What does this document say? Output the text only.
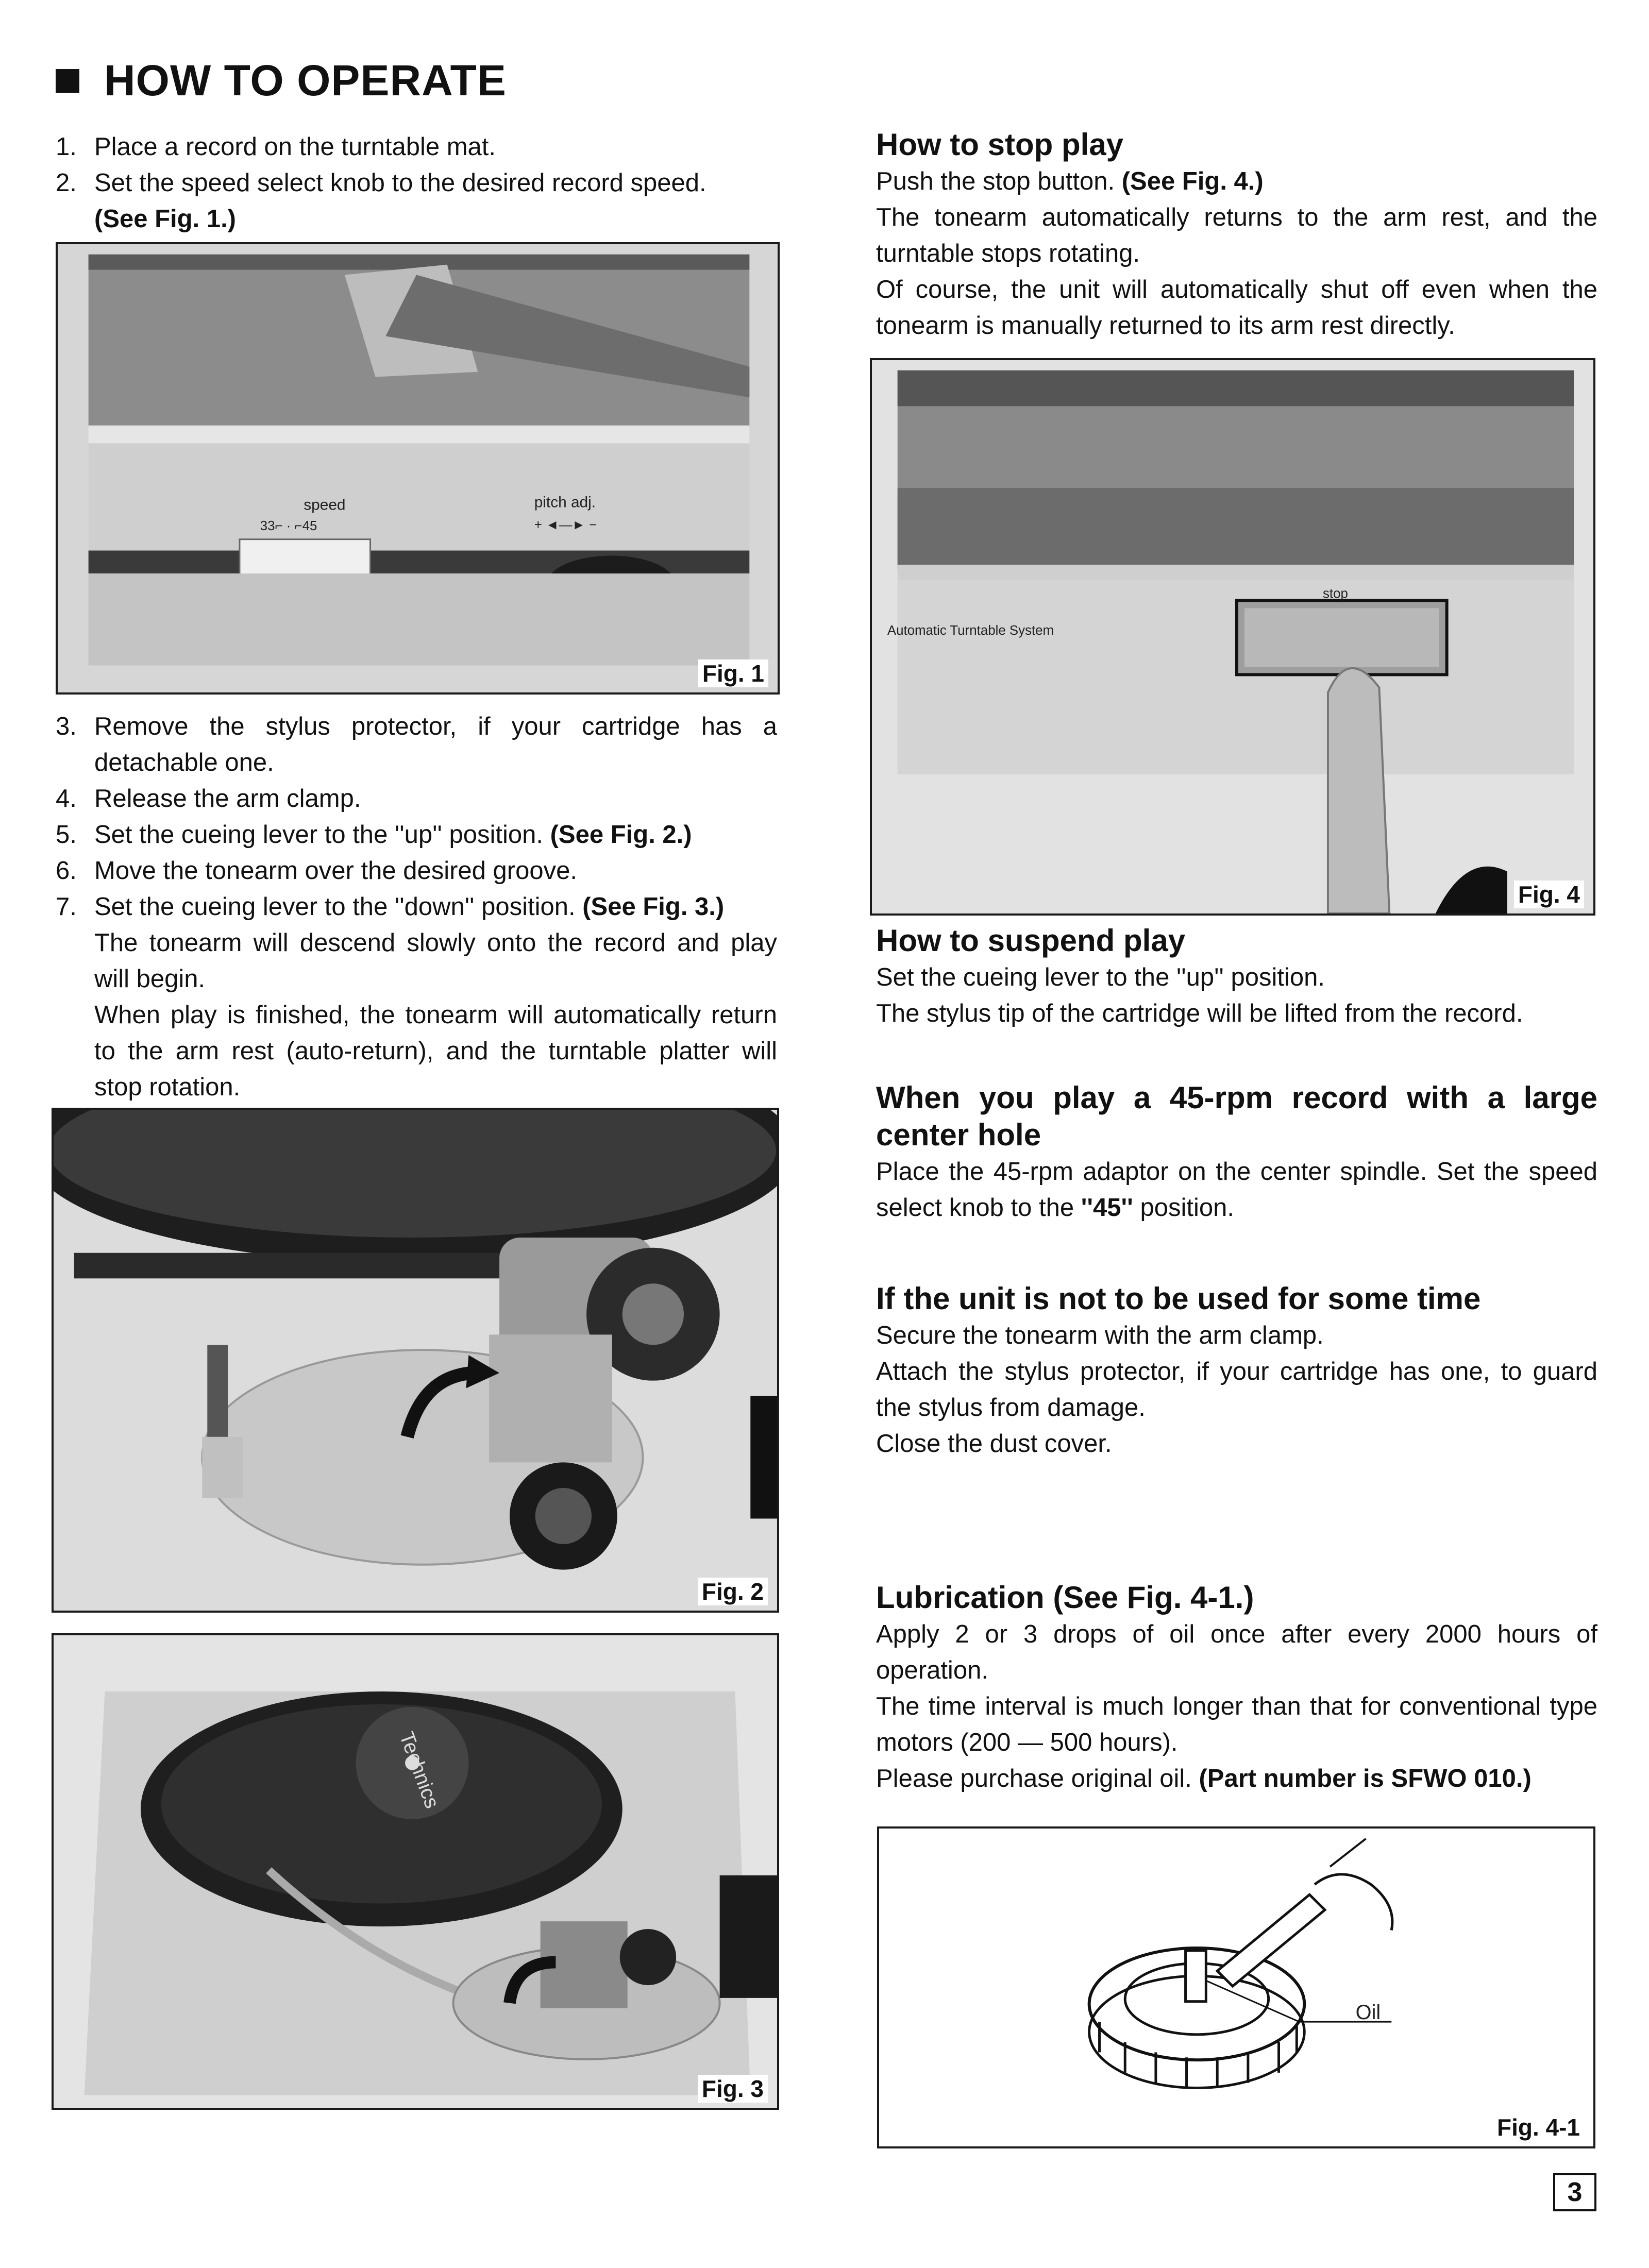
HOW TO OPERATE
1. Place a record on the turntable mat.
2. Set the speed select knob to the desired record speed.
(See Fig. 1.)
speed
33⌐ · ⌐45
pitch adj.
+ ◄—► −
Fig. 1
3. Remove the stylus protector, if your cartridge has a detachable one.
4. Release the arm clamp.
5. Set the cueing lever to the ''up'' position. (See Fig. 2.)
6. Move the tonearm over the desired groove.
7. Set the cueing lever to the ''down'' position. (See Fig. 3.)
The tonearm will descend slowly onto the record and play will begin.
When play is finished, the tonearm will automatically return to the arm rest (auto-return), and the turntable platter will stop rotation.
Fig. 2
Technics
Fig. 3
How to stop play
Push the stop button. (See Fig. 4.)
The tonearm automatically returns to the arm rest, and the turntable stops rotating.
Of course, the unit will automatically shut off even when the tonearm is manually returned to its arm rest directly.
Automatic Turntable System
stop
Fig. 4
How to suspend play
Set the cueing lever to the ''up'' position.
The stylus tip of the cartridge will be lifted from the record.
When you play a 45-rpm record with a large center hole
Place the 45-rpm adaptor on the center spindle. Set the speed select knob to the ''45'' position.
If the unit is not to be used for some time
Secure the tonearm with the arm clamp.
Attach the stylus protector, if your cartridge has one, to guard the stylus from damage.
Close the dust cover.
Lubrication (See Fig. 4-1.)
Apply 2 or 3 drops of oil once after every 2000 hours of operation.
The time interval is much longer than that for conventional type motors (200 — 500 hours).
Please purchase original oil. (Part number is SFWO 010.)
Oil
Fig. 4-1
3
